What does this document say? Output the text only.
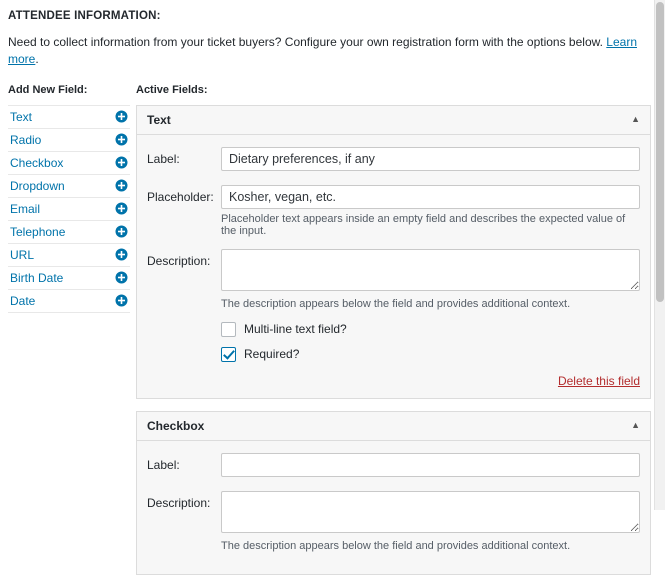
ATTENDEE INFORMATION:
Need to collect information from your ticket buyers? Configure your own registration form with the options below. Learn more.
Add New Field:
Text
Radio
Checkbox
Dropdown
Email
Telephone
URL
Birth Date
Date
Active Fields:
Text	▲
Label:
Dietary preferences, if any
Placeholder:
Kosher, vegan, etc.
Placeholder text appears inside an empty field and describes the expected value of the input.
Description:
The description appears below the field and provides additional context.
Multi-line text field?
Required?
Delete this field
Checkbox	▲
Label:
Description:
The description appears below the field and provides additional context.
